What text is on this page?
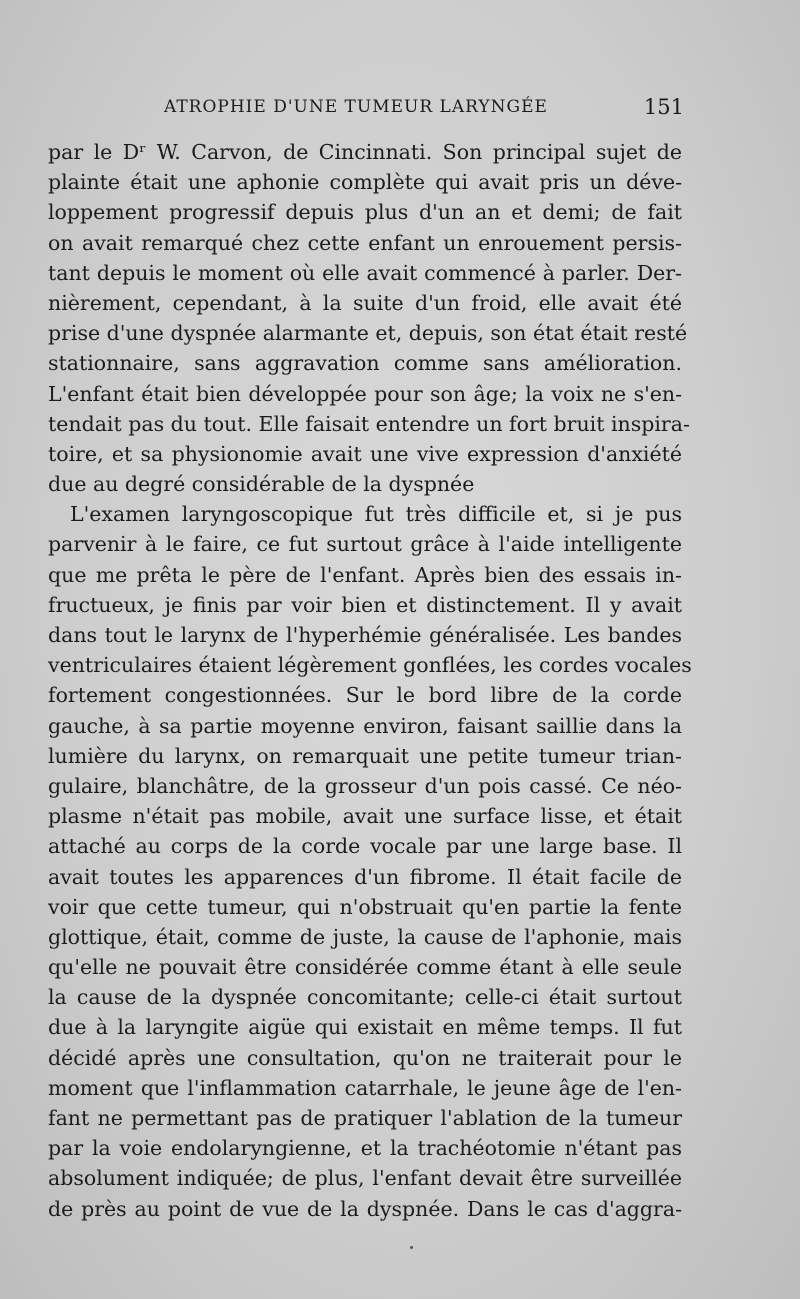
ATROPHIE D'UNE TUMEUR LARYNGÉE	151
par le Dʳ W. Carvon, de Cincinnati. Son principal sujet de
plainte était une aphonie complète qui avait pris un déve-
loppement progressif depuis plus d'un an et demi; de fait
on avait remarqué chez cette enfant un enrouement persis-
tant depuis le moment où elle avait commencé à parler. Der-
nièrement, cependant, à la suite d'un froid, elle avait été
prise d'une dyspnée alarmante et, depuis, son état était resté
stationnaire, sans aggravation comme sans amélioration.
L'enfant était bien développée pour son âge; la voix ne s'en-
tendait pas du tout. Elle faisait entendre un fort bruit inspira-
toire, et sa physionomie avait une vive expression d'anxiété
due au degré considérable de la dyspnée
L'examen laryngoscopique fut très difficile et, si je pus
parvenir à le faire, ce fut surtout grâce à l'aide intelligente
que me prêta le père de l'enfant. Après bien des essais in-
fructueux, je finis par voir bien et distinctement. Il y avait
dans tout le larynx de l'hyperhémie généralisée. Les bandes
ventriculaires étaient légèrement gonflées, les cordes vocales
fortement congestionnées. Sur le bord libre de la corde
gauche, à sa partie moyenne environ, faisant saillie dans la
lumière du larynx, on remarquait une petite tumeur trian-
gulaire, blanchâtre, de la grosseur d'un pois cassé. Ce néo-
plasme n'était pas mobile, avait une surface lisse, et était
attaché au corps de la corde vocale par une large base. Il
avait toutes les apparences d'un fibrome. Il était facile de
voir que cette tumeur, qui n'obstruait qu'en partie la fente
glottique, était, comme de juste, la cause de l'aphonie, mais
qu'elle ne pouvait être considérée comme étant à elle seule
la cause de la dyspnée concomitante; celle-ci était surtout
due à la laryngite aigüe qui existait en même temps. Il fut
décidé après une consultation, qu'on ne traiterait pour le
moment que l'inflammation catarrhale, le jeune âge de l'en-
fant ne permettant pas de pratiquer l'ablation de la tumeur
par la voie endolaryngienne, et la trachéotomie n'étant pas
absolument indiquée; de plus, l'enfant devait être surveillée
de près au point de vue de la dyspnée. Dans le cas d'aggra-
